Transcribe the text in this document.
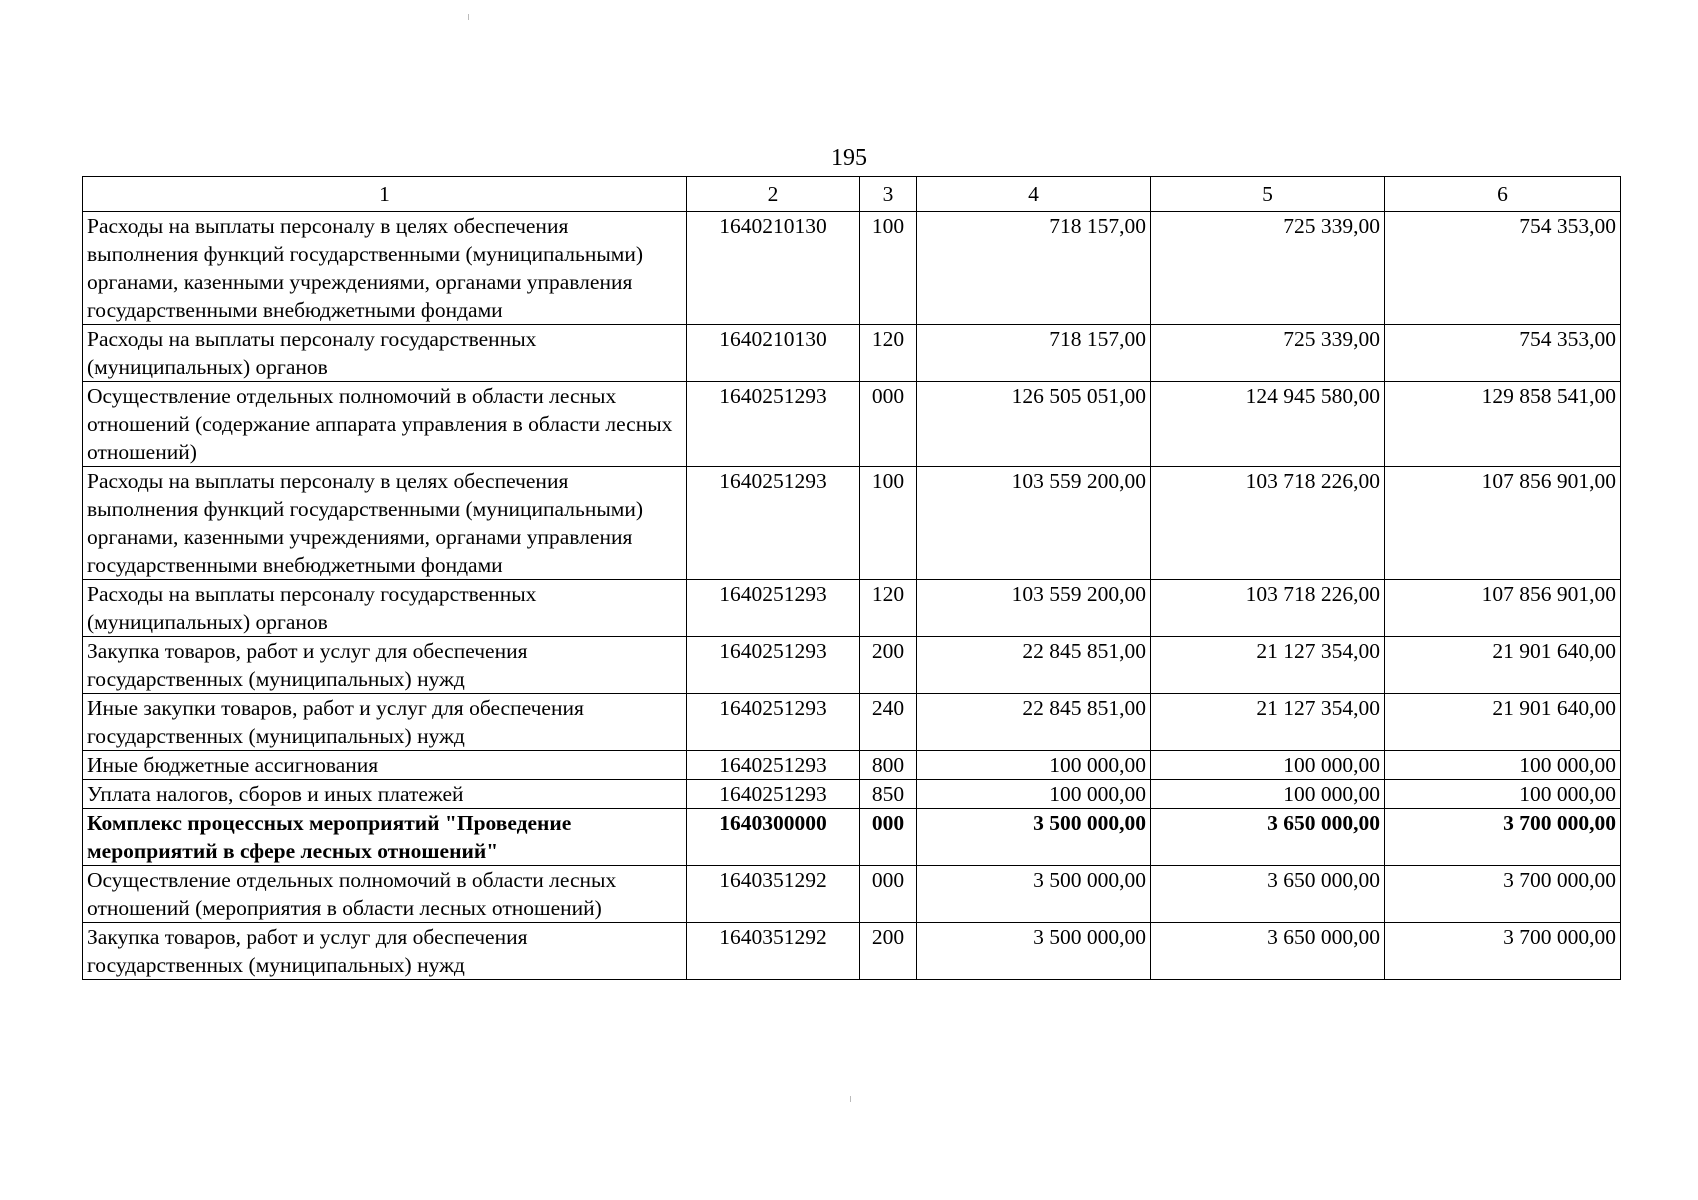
195
1	2	3	4	5	6
Расходы на выплаты персоналу в целях обеспечения выполнения функций государственными (муниципальными) органами, казенными учреждениями, органами управления государственными внебюджетными фондами	1640210130	100	718 157,00	725 339,00	754 353,00
Расходы на выплаты персоналу государственных (муниципальных) органов	1640210130	120	718 157,00	725 339,00	754 353,00
Осуществление отдельных полномочий в области лесных отношений (содержание аппарата управления в области лесных отношений)	1640251293	000	126 505 051,00	124 945 580,00	129 858 541,00
Расходы на выплаты персоналу в целях обеспечения выполнения функций государственными (муниципальными) органами, казенными учреждениями, органами управления государственными внебюджетными фондами	1640251293	100	103 559 200,00	103 718 226,00	107 856 901,00
Расходы на выплаты персоналу государственных (муниципальных) органов	1640251293	120	103 559 200,00	103 718 226,00	107 856 901,00
Закупка товаров, работ и услуг для обеспечения государственных (муниципальных) нужд	1640251293	200	22 845 851,00	21 127 354,00	21 901 640,00
Иные закупки товаров, работ и услуг для обеспечения государственных (муниципальных) нужд	1640251293	240	22 845 851,00	21 127 354,00	21 901 640,00
Иные бюджетные ассигнования	1640251293	800	100 000,00	100 000,00	100 000,00
Уплата налогов, сборов и иных платежей	1640251293	850	100 000,00	100 000,00	100 000,00
Комплекс процессных мероприятий "Проведение мероприятий в сфере лесных отношений"	1640300000	000	3 500 000,00	3 650 000,00	3 700 000,00
Осуществление отдельных полномочий в области лесных отношений (мероприятия в области лесных отношений)	1640351292	000	3 500 000,00	3 650 000,00	3 700 000,00
Закупка товаров, работ и услуг для обеспечения государственных (муниципальных) нужд	1640351292	200	3 500 000,00	3 650 000,00	3 700 000,00
